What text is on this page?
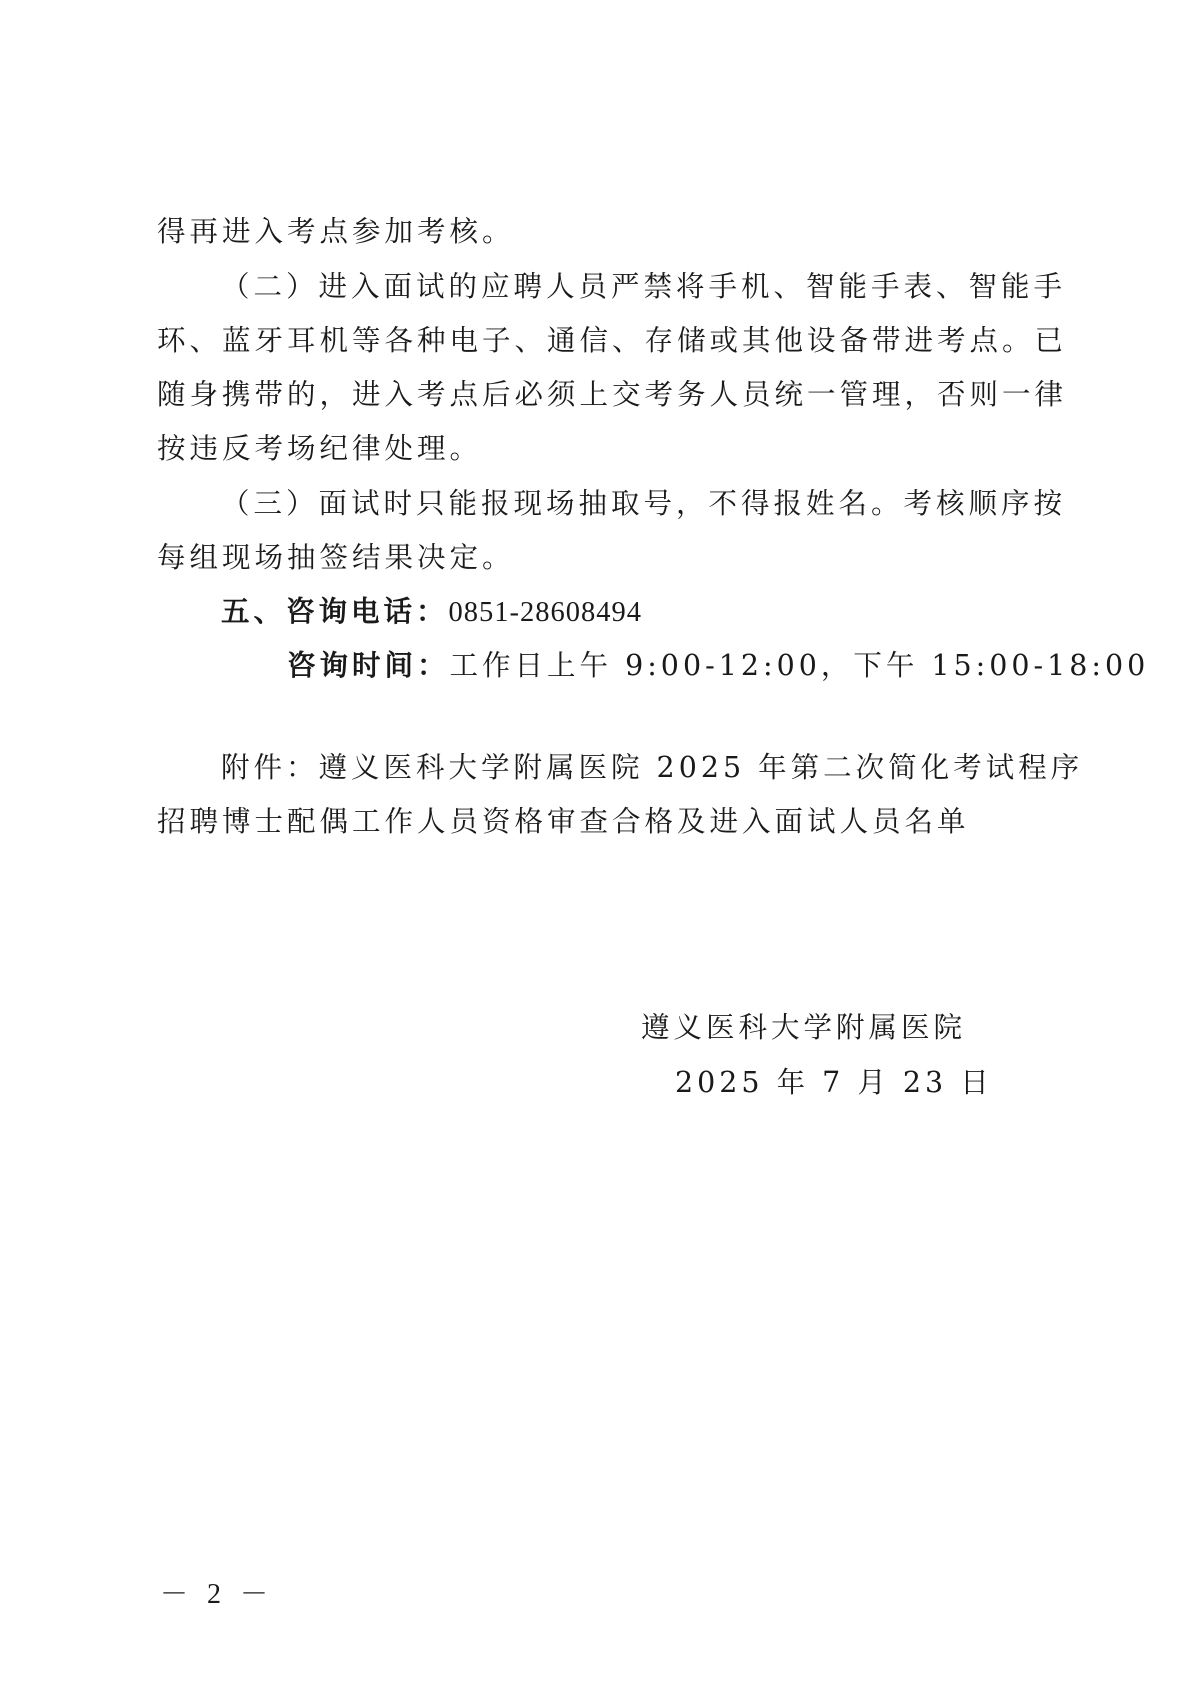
得再进入考点参加考核。
（二）进入面试的应聘人员严禁将手机、智能手表、智能手
环、蓝牙耳机等各种电子、通信、存储或其他设备带进考点。已
随身携带的，进入考点后必须上交考务人员统一管理，否则一律
按违反考场纪律处理。
（三）面试时只能报现场抽取号，不得报姓名。考核顺序按
每组现场抽签结果决定。
五、咨询电话：0851-28608494
咨询时间：工作日上午 9:00-12:00，下午 15:00-18:00
附件：遵义医科大学附属医院 2025 年第二次简化考试程序
招聘博士配偶工作人员资格审查合格及进入面试人员名单
遵义医科大学附属医院
2025 年 7 月 23 日
－ 2 －
